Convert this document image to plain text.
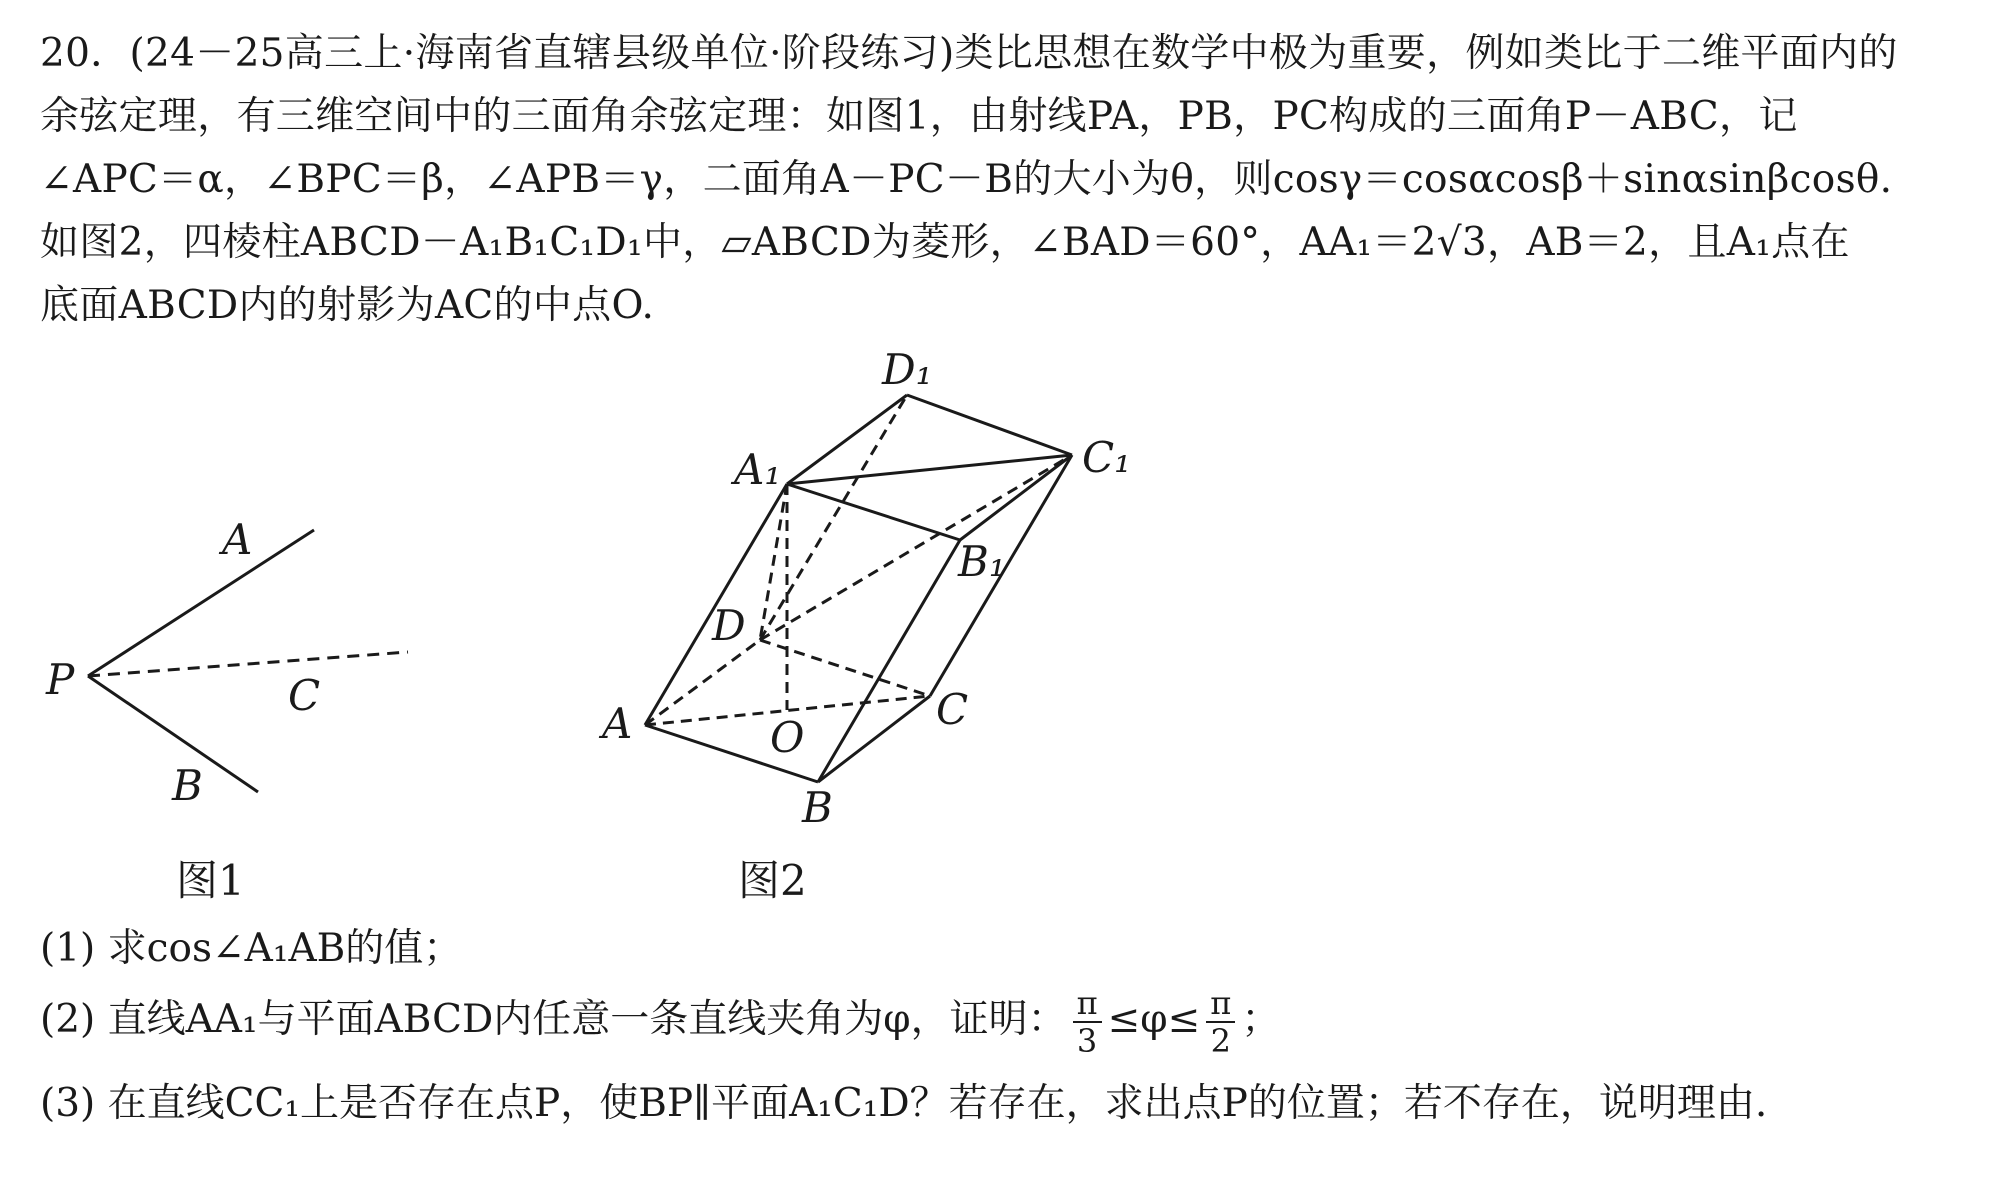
20．(24－25高三上·海南省直辖县级单位·阶段练习)类比思想在数学中极为重要，例如类比于二维平面内的
余弦定理，有三维空间中的三面角余弦定理：如图1，由射线PA，PB，PC构成的三面角P－ABC，记
∠APC＝α，∠BPC＝β，∠APB＝γ，二面角A－PC－B的大小为θ，则cosγ＝cosαcosβ＋sinαsinβcosθ.
如图2，四棱柱ABCD－A₁B₁C₁D₁中，▱ABCD为菱形，∠BAD＝60°，AA₁＝2√3，AB＝2，且A₁点在
底面ABCD内的射影为AC的中点O.
A
P	C
B
D₁
C₁
A₁
B₁
D
C
A	O
B
图1	图2
(1) 求cos∠A₁AB的值；
(2) 直线AA₁与平面ABCD内任意一条直线夹角为φ，证明： $\frac{\pi}{3} \le\varphi\le \frac{\pi}{2}$ ；
(3) 在直线CC₁上是否存在点P，使BP∥平面A₁C₁D？若存在，求出点P的位置；若不存在，说明理由.
